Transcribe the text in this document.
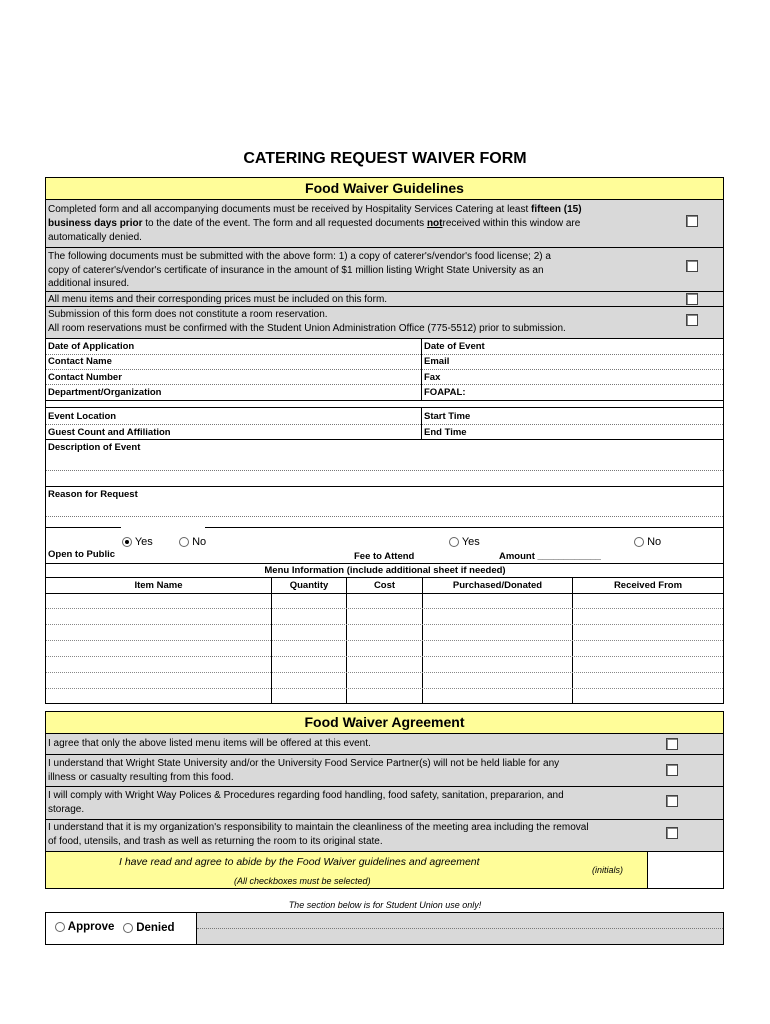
CATERING REQUEST WAIVER FORM
Food Waiver Guidelines
Completed form and all accompanying documents must be received by Hospitality Services Catering at least fifteen (15)
business days prior to the date of the event. The form and all requested documents notreceived within this window are
automatically denied.
The following documents must be submitted with the above form: 1) a copy of caterer's/vendor's food license; 2) a
copy of caterer's/vendor's certificate of insurance in the amount of $1 million listing Wright State University as an
additional insured.
All menu items and their corresponding prices must be included on this form.
Submission of this form does not constitute a room reservation.
All room reservations must be confirmed with the Student Union Administration Office (775-5512) prior to submission.
Date of Application	Date of Event
Contact Name	Email
Contact Number	Fax
Department/Organization	FOAPAL:
Event Location	Start Time
Guest Count and Affiliation	End Time
Description of Event
Reason for Request
Yes	No	Yes	No
Open to Public	Fee to Attend	Amount ____________
Menu Information (include additional sheet if needed)
Item Name	Quantity	Cost	Purchased/Donated	Received From
Food Waiver Agreement
I agree that only the above listed menu items will be offered at this event.
I understand that Wright State University and/or the University Food Service Partner(s) will not be held liable for any
illness or casualty resulting from this food.
I will comply with Wright Way Polices & Procedures regarding food handling, food safety, sanitation, prepararion, and
storage.
I understand that it is my organization's responsibility to maintain the cleanliness of the meeting area including the removal
of food, utensils, and trash as well as returning the room to its original state.
I have read and agree to abide by the Food Waiver guidelines and agreement
(initials)
(All checkboxes must be selected)
The section below is for Student Union use only!
Approve	Denied
